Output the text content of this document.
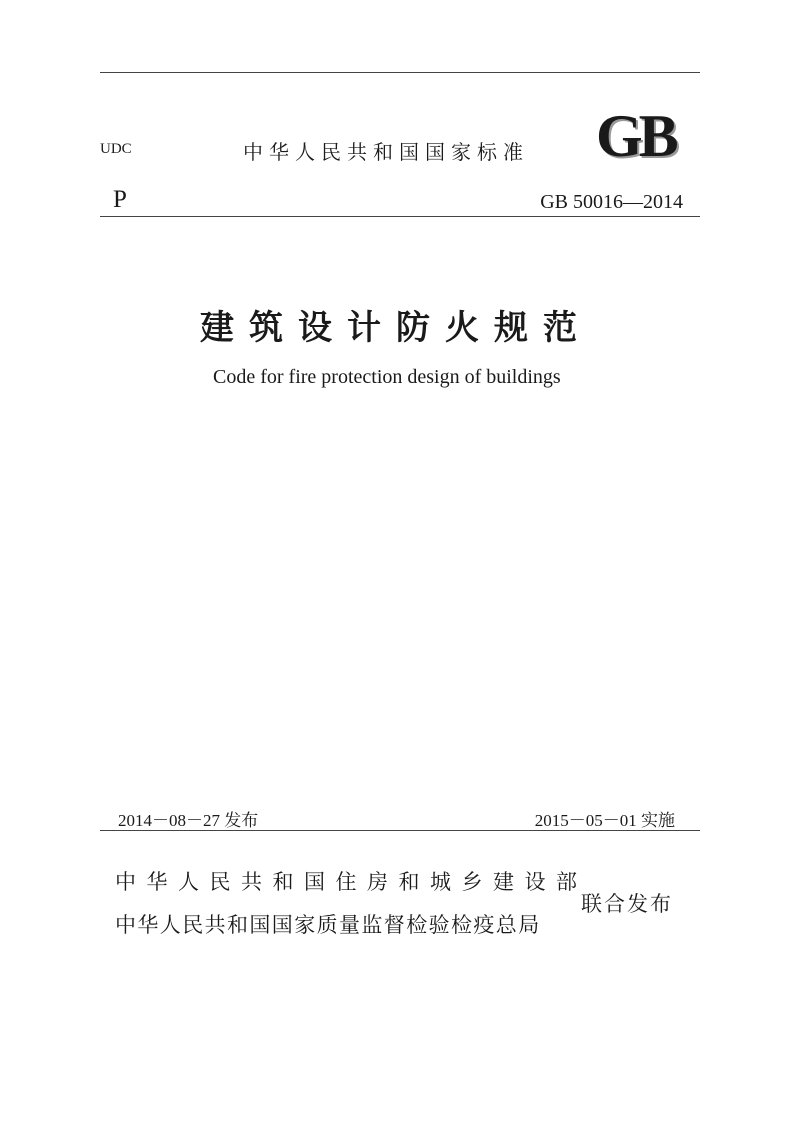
UDC	中华人民共和国国家标准 GB
P	GB 50016—2014
建筑设计防火规范
Code for fire protection design of buildings
2014－08－27 发布	2015－05－01 实施
中华人民共和国住房和城乡建设部
中华人民共和国国家质量监督检验检疫总局
联合发布
